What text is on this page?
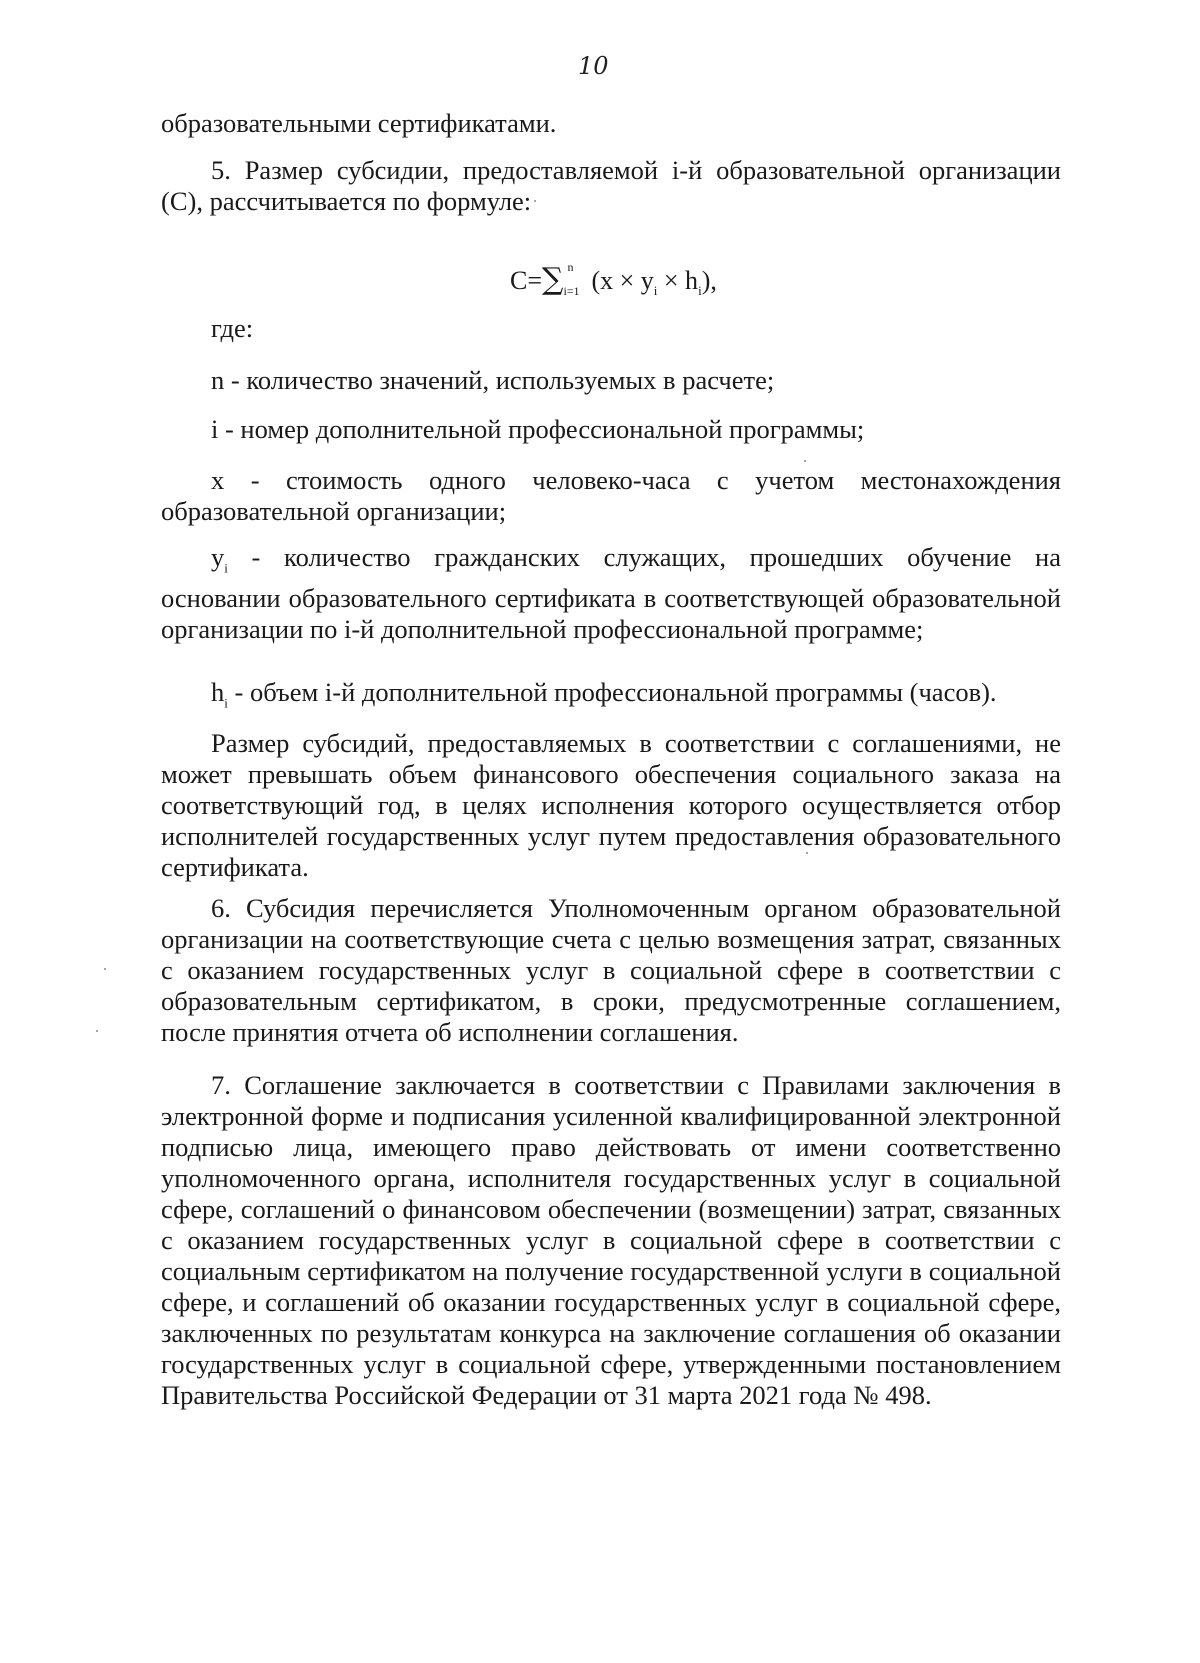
10

образовательными сертификатами.

5. Размер субсидии, предоставляемой i-й образовательной организации (С), рассчитывается по формуле:

C=∑ n
i=1 $(x \times y_i \times h_i)$,

где:

n - количество значений, используемых в расчете;

i - номер дополнительной профессиональной программы;

x - стоимость одного человеко-часа с учетом местонахождения образовательной организации;

$y_i$ - количество гражданских служащих, прошедших обучение на основании образовательного сертификата в соответствующей образовательной организации по i-й дополнительной профессиональной программе;

$h_i$ - объем i-й дополнительной профессиональной программы (часов).

Размер субсидий, предоставляемых в соответствии с соглашениями, не может превышать объем финансового обеспечения социального заказа на соответствующий год, в целях исполнения которого осуществляется отбор исполнителей государственных услуг путем предоставления образовательного сертификата.

6. Субсидия перечисляется Уполномоченным органом образовательной организации на соответствующие счета с целью возмещения затрат, связанных с оказанием государственных услуг в социальной сфере в соответствии с образовательным сертификатом, в сроки, предусмотренные соглашением, после принятия отчета об исполнении соглашения.

7. Соглашение заключается в соответствии с Правилами заключения в электронной форме и подписания усиленной квалифицированной электронной подписью лица, имеющего право действовать от имени соответственно уполномоченного органа, исполнителя государственных услуг в социальной сфере, соглашений о финансовом обеспечении (возмещении) затрат, связанных с оказанием государственных услуг в социальной сфере в соответствии с социальным сертификатом на получение государственной услуги в социальной сфере, и соглашений об оказании государственных услуг в социальной сфере, заключенных по результатам конкурса на заключение соглашения об оказании государственных услуг в социальной сфере, утвержденными постановлением Правительства Российской Федерации от 31 марта 2021 года № 498.
